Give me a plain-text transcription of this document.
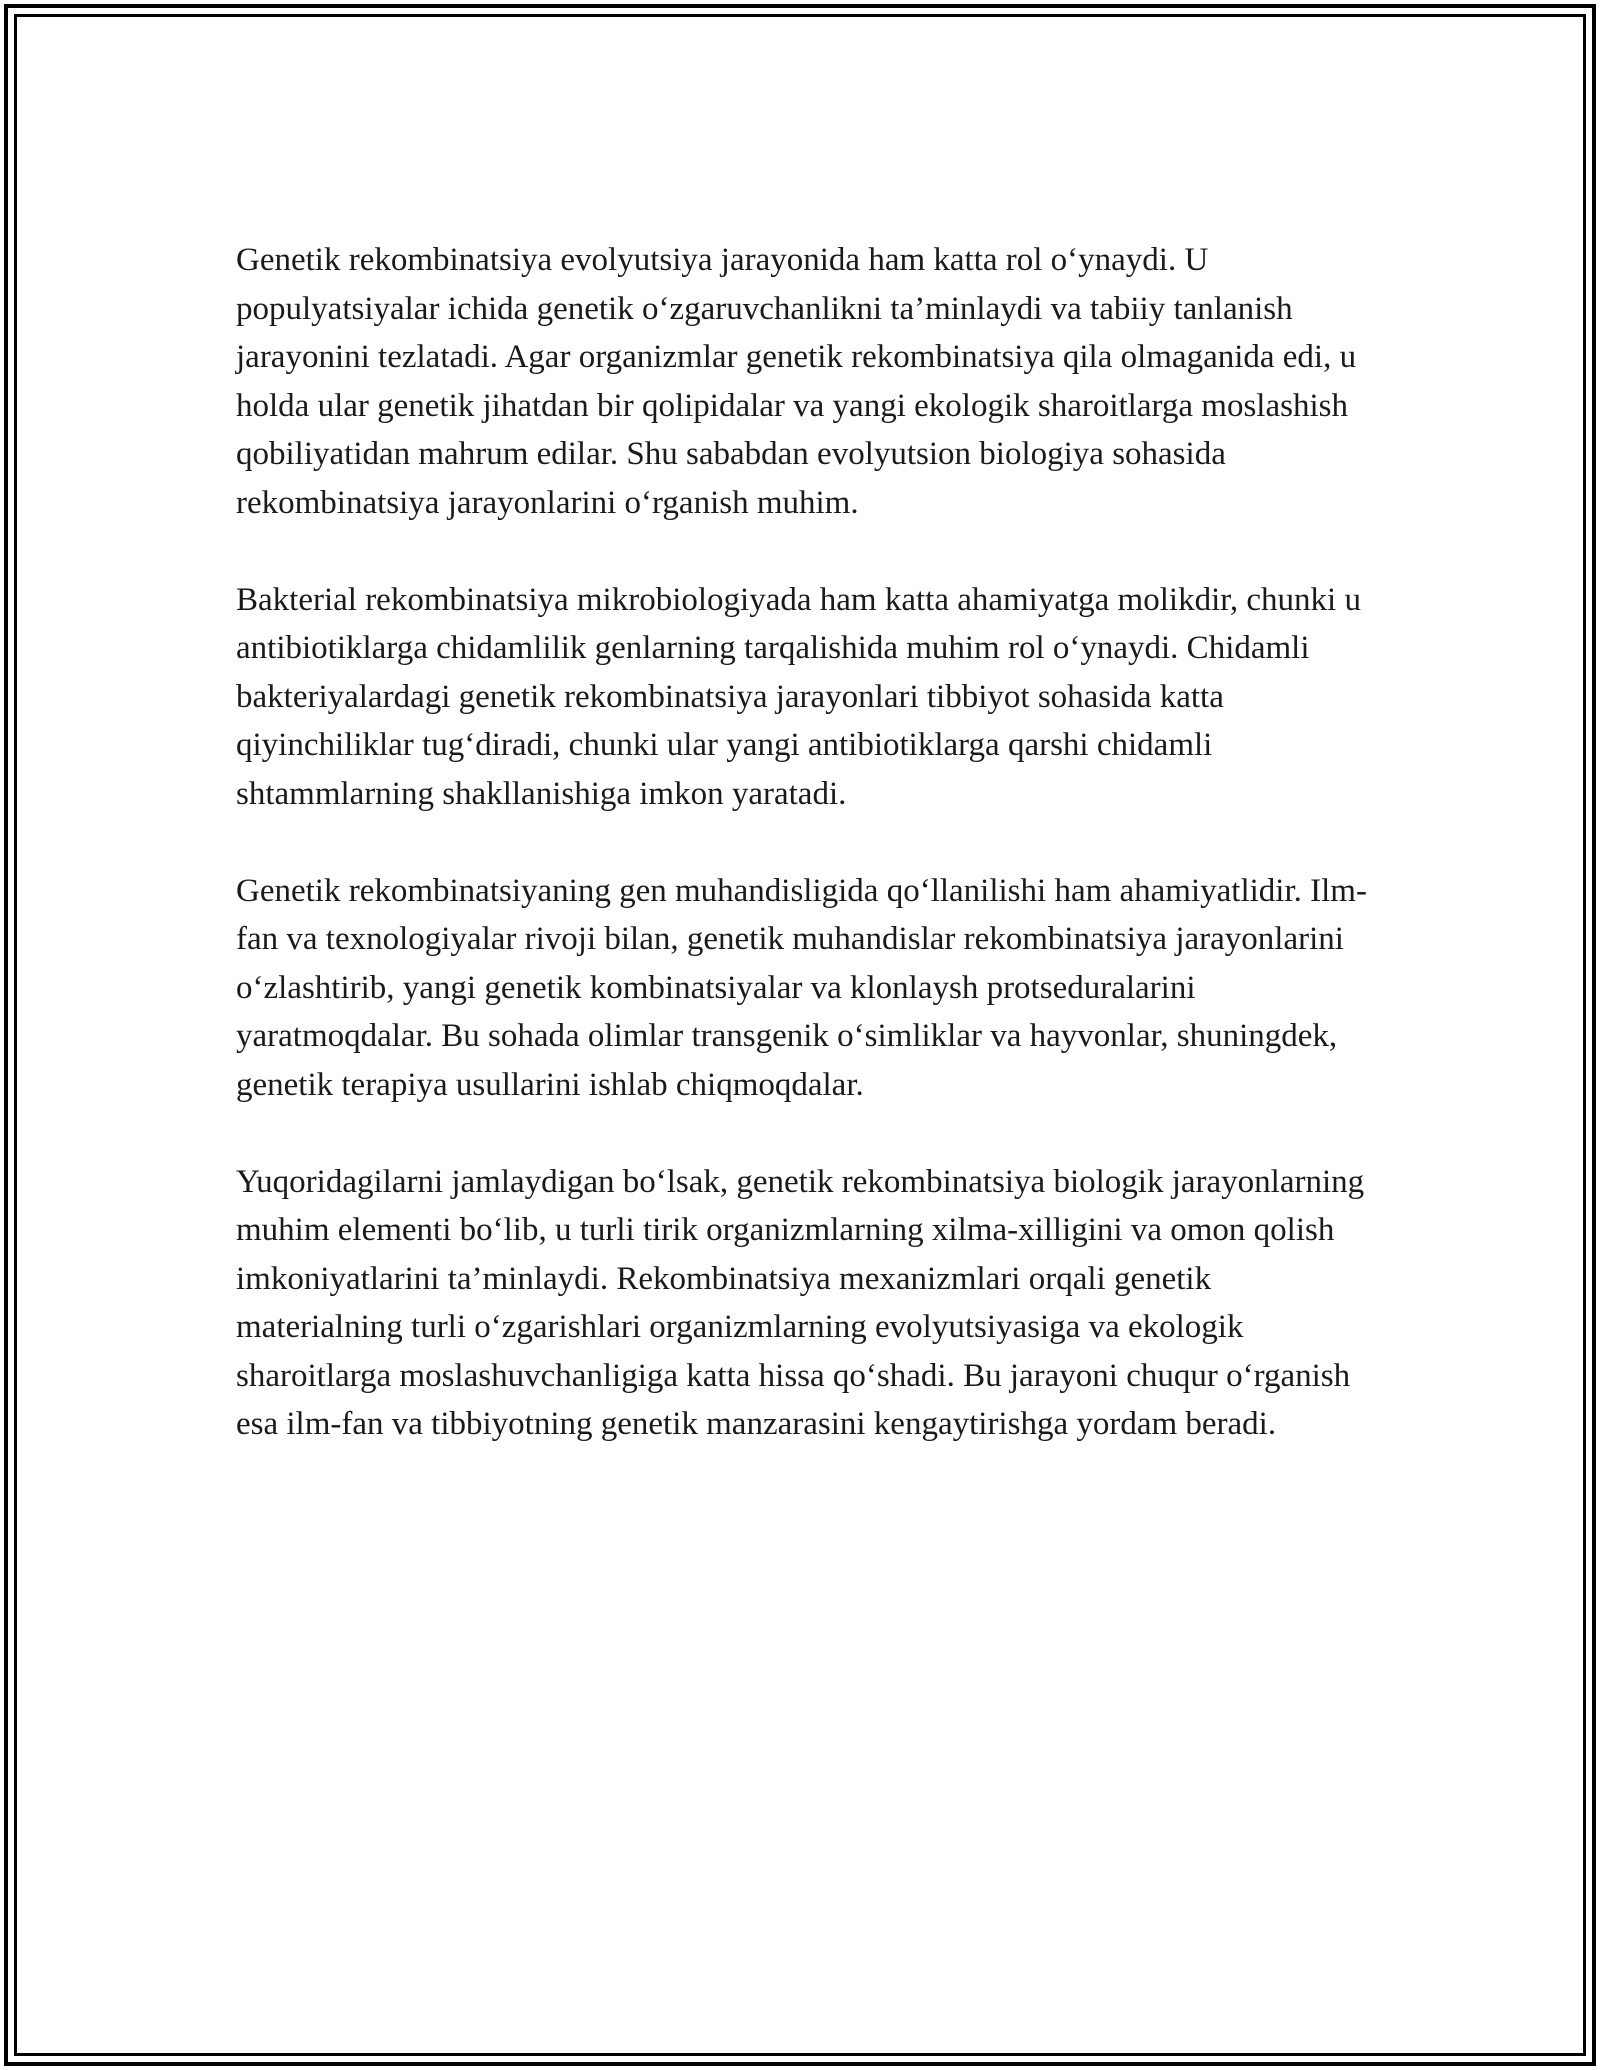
Genetik rekombinatsiya evolyutsiya jarayonida ham katta rol o‘ynaydi. U populyatsiyalar ichida genetik o‘zgaruvchanlikni ta’minlaydi va tabiiy tanlanish jarayonini tezlatadi. Agar organizmlar genetik rekombinatsiya qila olmaganida edi, u holda ular genetik jihatdan bir qolipidalar va yangi ekologik sharoitlarga moslashish qobiliyatidan mahrum edilar. Shu sababdan evolyutsion biologiya sohasida rekombinatsiya jarayonlarini o‘rganish muhim.

Bakterial rekombinatsiya mikrobiologiyada ham katta ahamiyatga molikdir, chunki u antibiotiklarga chidamlilik genlarning tarqalishida muhim rol o‘ynaydi. Chidamli bakteriyalardagi genetik rekombinatsiya jarayonlari tibbiyot sohasida katta qiyinchiliklar tug‘diradi, chunki ular yangi antibiotiklarga qarshi chidamli shtammlarning shakllanishiga imkon yaratadi.

Genetik rekombinatsiyaning gen muhandisligida qo‘llanilishi ham ahamiyatlidir. Ilm-fan va texnologiyalar rivoji bilan, genetik muhandislar rekombinatsiya jarayonlarini o‘zlashtirib, yangi genetik kombinatsiyalar va klonlaysh protseduralarini yaratmoqdalar. Bu sohada olimlar transgenik o‘simliklar va hayvonlar, shuningdek, genetik terapiya usullarini ishlab chiqmoqdalar.

Yuqoridagilarni jamlaydigan bo‘lsak, genetik rekombinatsiya biologik jarayonlarning muhim elementi bo‘lib, u turli tirik organizmlarning xilma-xilligini va omon qolish imkoniyatlarini ta’minlaydi. Rekombinatsiya mexanizmlari orqali genetik materialning turli o‘zgarishlari organizmlarning evolyutsiyasiga va ekologik sharoitlarga moslashuvchanligiga katta hissa qo‘shadi. Bu jarayoni chuqur o‘rganish esa ilm-fan va tibbiyotning genetik manzarasini kengaytirishga yordam beradi.
